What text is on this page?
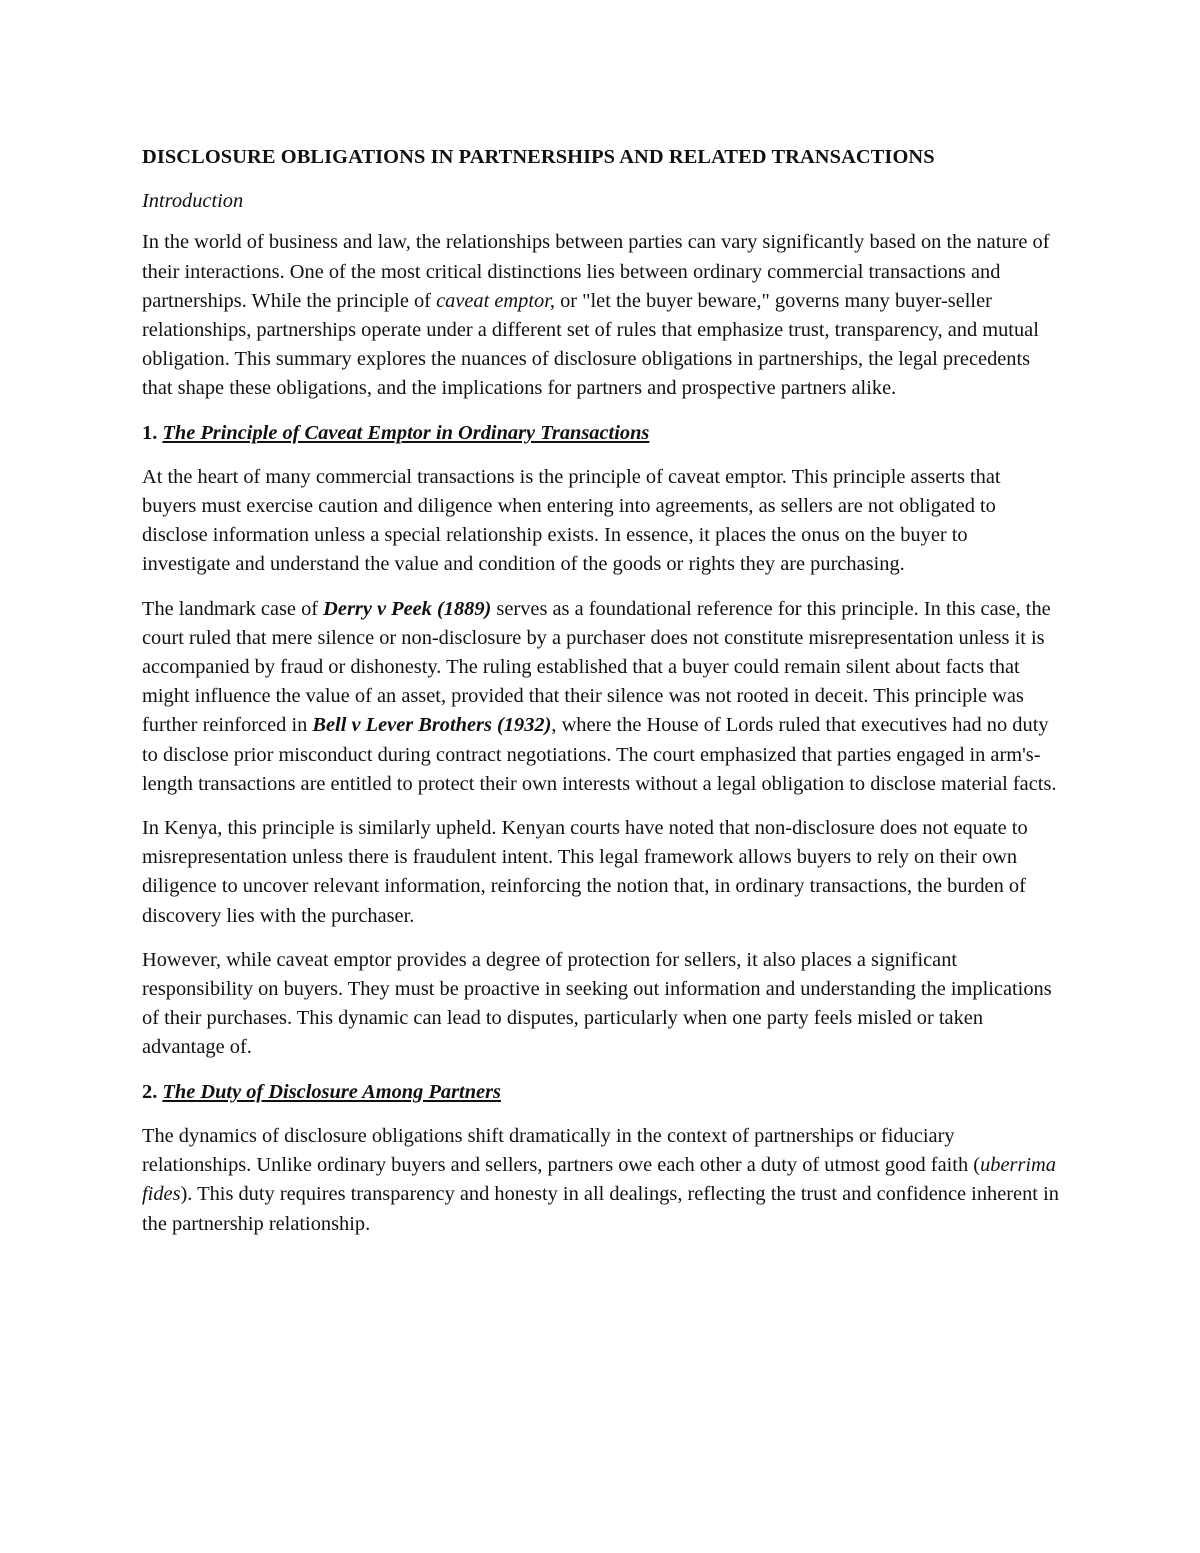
DISCLOSURE OBLIGATIONS IN PARTNERSHIPS AND RELATED TRANSACTIONS
Introduction

In the world of business and law, the relationships between parties can vary significantly based on the nature of their interactions. One of the most critical distinctions lies between ordinary commercial transactions and partnerships. While the principle of caveat emptor, or "let the buyer beware," governs many buyer-seller relationships, partnerships operate under a different set of rules that emphasize trust, transparency, and mutual obligation. This summary explores the nuances of disclosure obligations in partnerships, the legal precedents that shape these obligations, and the implications for partners and prospective partners alike.

1. The Principle of Caveat Emptor in Ordinary Transactions

At the heart of many commercial transactions is the principle of caveat emptor. This principle asserts that buyers must exercise caution and diligence when entering into agreements, as sellers are not obligated to disclose information unless a special relationship exists. In essence, it places the onus on the buyer to investigate and understand the value and condition of the goods or rights they are purchasing.

The landmark case of Derry v Peek (1889) serves as a foundational reference for this principle. In this case, the court ruled that mere silence or non-disclosure by a purchaser does not constitute misrepresentation unless it is accompanied by fraud or dishonesty. The ruling established that a buyer could remain silent about facts that might influence the value of an asset, provided that their silence was not rooted in deceit. This principle was further reinforced in Bell v Lever Brothers (1932), where the House of Lords ruled that executives had no duty to disclose prior misconduct during contract negotiations. The court emphasized that parties engaged in arm's-length transactions are entitled to protect their own interests without a legal obligation to disclose material facts.

In Kenya, this principle is similarly upheld. Kenyan courts have noted that non-disclosure does not equate to misrepresentation unless there is fraudulent intent. This legal framework allows buyers to rely on their own diligence to uncover relevant information, reinforcing the notion that, in ordinary transactions, the burden of discovery lies with the purchaser.

However, while caveat emptor provides a degree of protection for sellers, it also places a significant responsibility on buyers. They must be proactive in seeking out information and understanding the implications of their purchases. This dynamic can lead to disputes, particularly when one party feels misled or taken advantage of.

2. The Duty of Disclosure Among Partners

The dynamics of disclosure obligations shift dramatically in the context of partnerships or fiduciary relationships. Unlike ordinary buyers and sellers, partners owe each other a duty of utmost good faith (uberrima fides). This duty requires transparency and honesty in all dealings, reflecting the trust and confidence inherent in the partnership relationship.
